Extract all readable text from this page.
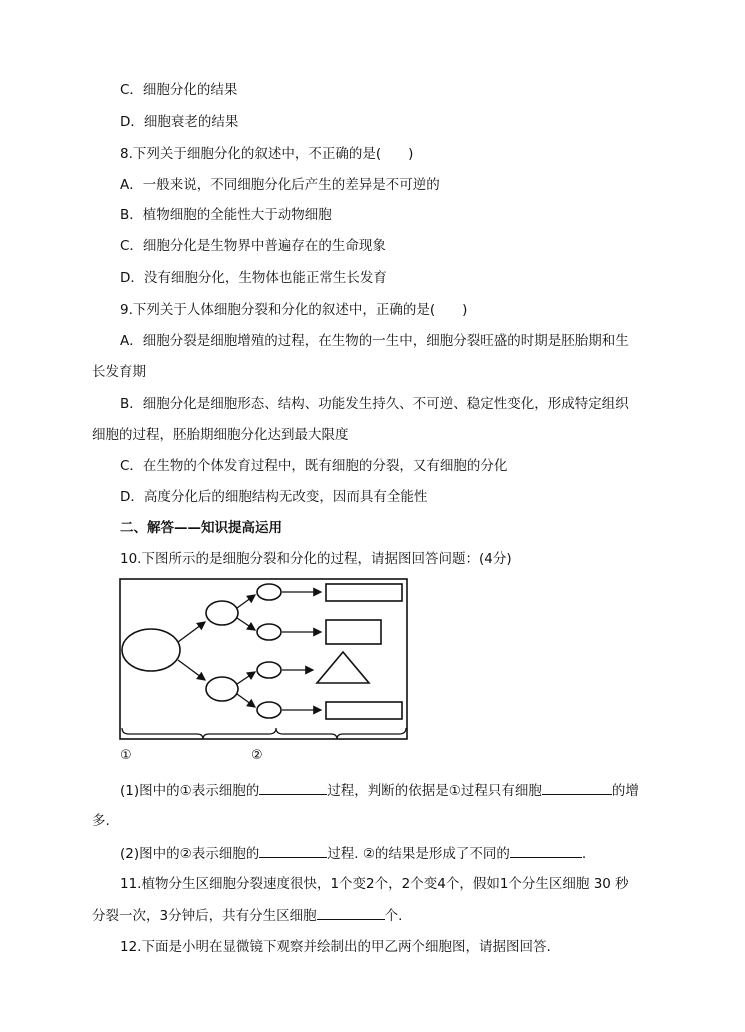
C．细胞分化的结果
D．细胞衰老的结果
8.下列关于细胞分化的叙述中，不正确的是(　　)
A．一般来说，不同细胞分化后产生的差异是不可逆的
B．植物细胞的全能性大于动物细胞
C．细胞分化是生物界中普遍存在的生命现象
D．没有细胞分化，生物体也能正常生长发育
9.下列关于人体细胞分裂和分化的叙述中，正确的是(　　)
A．细胞分裂是细胞增殖的过程，在生物的一生中，细胞分裂旺盛的时期是胚胎期和生
长发育期
B．细胞分化是细胞形态、结构、功能发生持久、不可逆、稳定性变化，形成特定组织
细胞的过程，胚胎期细胞分化达到最大限度
C．在生物的个体发育过程中，既有细胞的分裂，又有细胞的分化
D．高度分化后的细胞结构无改变，因而具有全能性
二、解答——知识提高运用
10.下图所示的是细胞分裂和分化的过程，请据图回答问题：(4分)
①	②
(1)图中的①表示细胞的	过程，判断的依据是①过程只有细胞	的增
多.
(2)图中的②表示细胞的	过程. ②的结果是形成了不同的	.
11.植物分生区细胞分裂速度很快，1个变2个，2个变4个，假如1个分生区细胞 30 秒
分裂一次，3分钟后，共有分生区细胞	个.
12.下面是小明在显微镜下观察并绘制出的甲乙两个细胞图，请据图回答.
